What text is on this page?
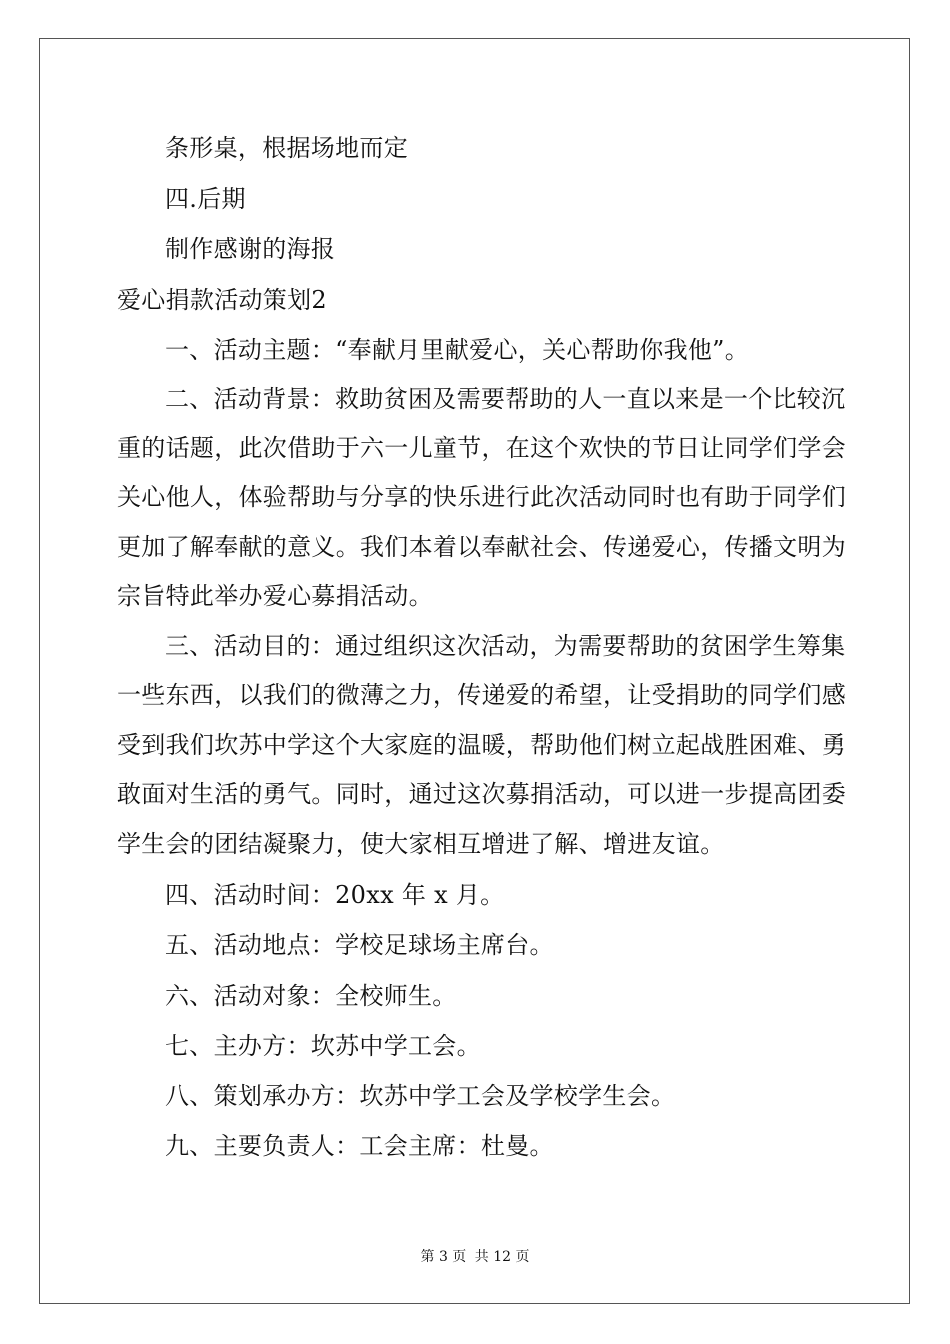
条形桌，根据场地而定
四.后期
制作感谢的海报
爱心捐款活动策划2
一、活动主题：“奉献月里献爱心，关心帮助你我他”。
二、活动背景：救助贫困及需要帮助的人一直以来是一个比较沉
重的话题，此次借助于六一儿童节，在这个欢快的节日让同学们学会
关心他人，体验帮助与分享的快乐进行此次活动同时也有助于同学们
更加了解奉献的意义。我们本着以奉献社会、传递爱心，传播文明为
宗旨特此举办爱心募捐活动。
三、活动目的：通过组织这次活动，为需要帮助的贫困学生筹集
一些东西，以我们的微薄之力，传递爱的希望，让受捐助的同学们感
受到我们坎苏中学这个大家庭的温暖，帮助他们树立起战胜困难、勇
敢面对生活的勇气。同时，通过这次募捐活动，可以进一步提高团委
学生会的团结凝聚力，使大家相互增进了解、增进友谊。
四、活动时间：20xx 年 x 月。
五、活动地点：学校足球场主席台。
六、活动对象：全校师生。
七、主办方：坎苏中学工会。
八、策划承办方：坎苏中学工会及学校学生会。
九、主要负责人：工会主席：杜曼。
第 3 页 共 12 页
